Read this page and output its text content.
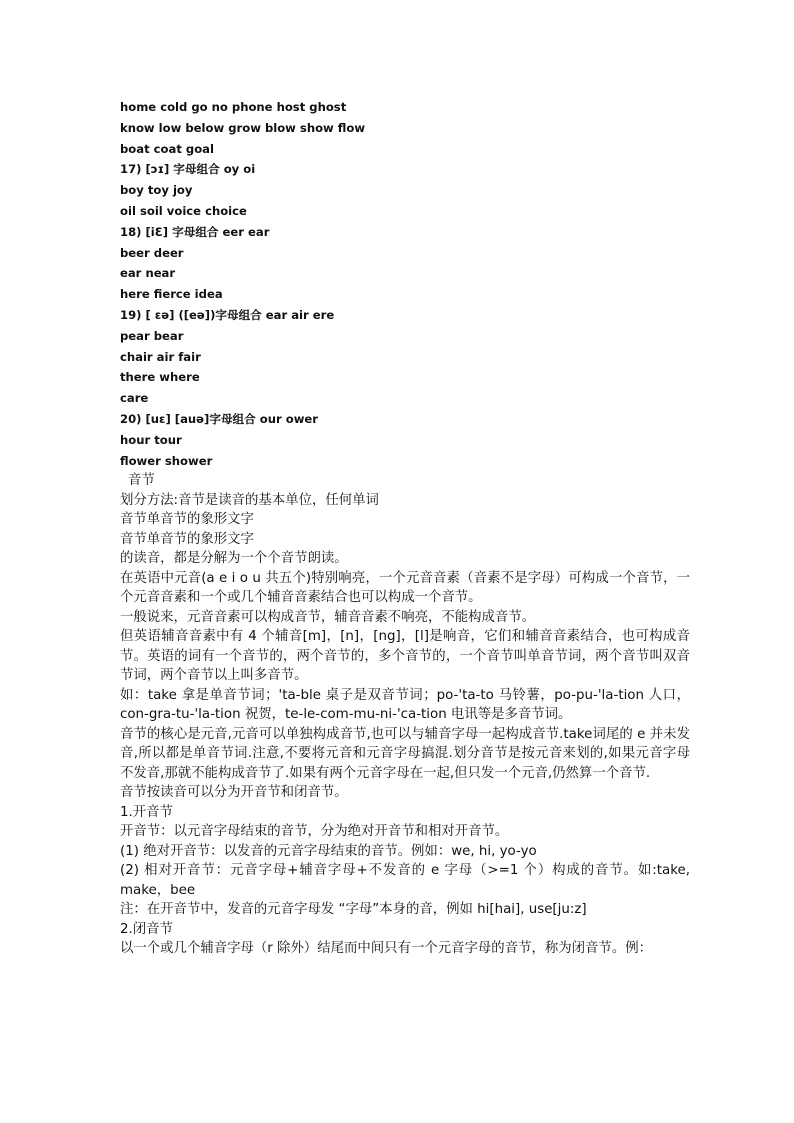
home cold go no phone host ghost

know low below grow blow show flow

boat coat goal

17) [ɔɪ] 字母组合 oy oi

boy toy joy

oil soil voice choice

18) [iƐ] 字母组合 eer ear

beer deer

ear near

here fierce idea

19) [ ɛə] ([eə])字母组合 ear air ere

pear bear

chair air fair

there where

care

20) [uɛ] [auə]字母组合 our ower

hour tour

flower shower

音节

划分方法:音节是读音的基本单位，任何单词

音节单音节的象形文字

音节单音节的象形文字

的读音，都是分解为一个个音节朗读。

在英语中元音(a e i o u 共五个)特别响亮，一个元音音素（音素不是字母）可构成一个音节，一个元音音素和一个或几个辅音音素结合也可以构成一个音节。

一般说来，元音音素可以构成音节，辅音音素不响亮，不能构成音节。

但英语辅音音素中有 4 个辅音[m]，[n]，[ng]，[l]是响音，它们和辅音音素结合，也可构成音节。英语的词有一个音节的，两个音节的，多个音节的，一个音节叫单音节词，两个音节叫双音节词，两个音节以上叫多音节。

如：take 拿是单音节词；'ta-ble 桌子是双音节词；po-'ta-to 马铃薯，po-pu-'la-tion 人口，con-gra-tu-'la-tion 祝贺，te-le-com-mu-ni-'ca-tion 电讯等是多音节词。

音节的核心是元音,元音可以单独构成音节,也可以与辅音字母一起构成音节.take词尾的 e 并未发音,所以都是单音节词.注意,不要将元音和元音字母搞混.划分音节是按元音来划的,如果元音字母不发音,那就不能构成音节了.如果有两个元音字母在一起,但只发一个元音,仍然算一个音节.

音节按读音可以分为开音节和闭音节。

1.开音节

开音节：以元音字母结束的音节，分为绝对开音节和相对开音节。

(1) 绝对开音节：以发音的元音字母结束的音节。例如：we, hi, yo-yo

(2) 相对开音节：元音字母+辅音字母+不发音的 e 字母（>=1 个）构成的音节。如:take, make，bee

注：在开音节中，发音的元音字母发 “字母”本身的音，例如 hi[hai], use[ju:z]

2.闭音节

以一个或几个辅音字母（r 除外）结尾而中间只有一个元音字母的音节，称为闭音节。例：
